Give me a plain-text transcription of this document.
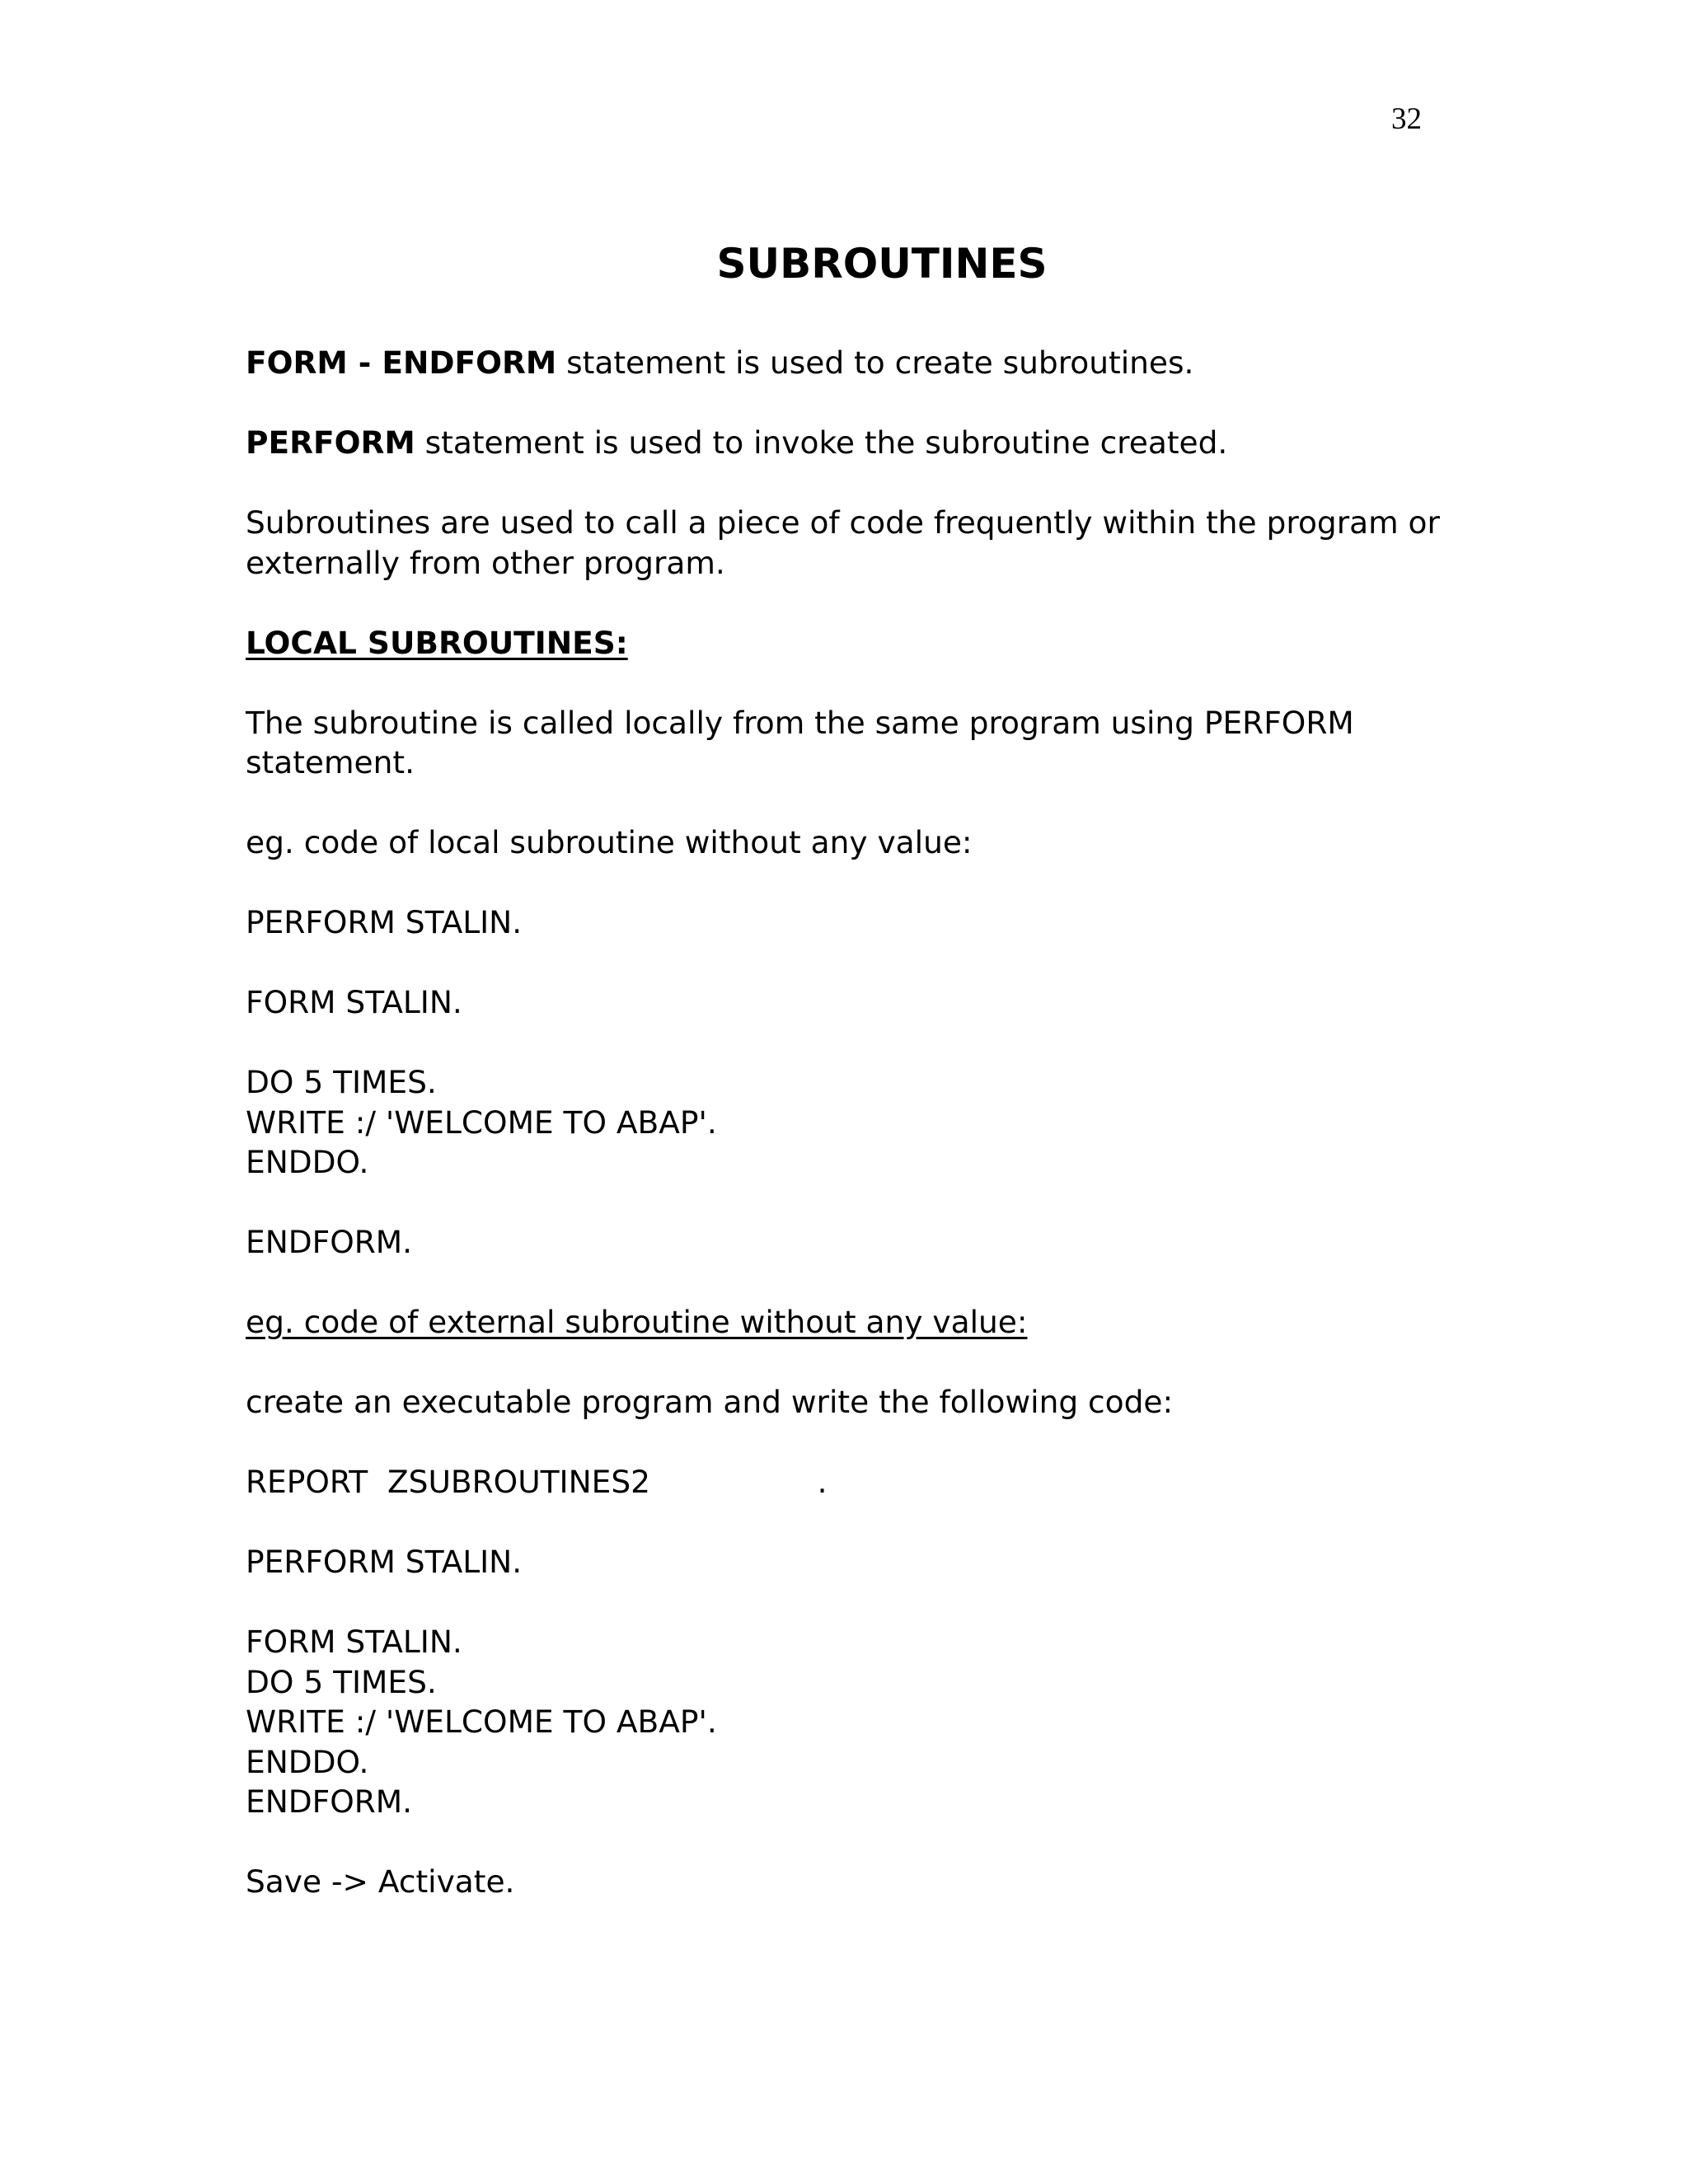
32
SUBROUTINES

FORM - ENDFORM statement is used to create subroutines.

PERFORM statement is used to invoke the subroutine created.

Subroutines are used to call a piece of code frequently within the program or externally from other program.

LOCAL SUBROUTINES:

The subroutine is called locally from the same program using PERFORM statement.

eg. code of local subroutine without any value:

PERFORM STALIN.

FORM STALIN.

DO 5 TIMES.

WRITE :/ 'WELCOME TO ABAP'.

ENDDO.

ENDFORM.

eg. code of external subroutine without any value:

create an executable program and write the following code:

REPORT  ZSUBROUTINES2                 .

PERFORM STALIN.

FORM STALIN.

DO 5 TIMES.

WRITE :/ 'WELCOME TO ABAP'.

ENDDO.

ENDFORM.

Save -> Activate.
